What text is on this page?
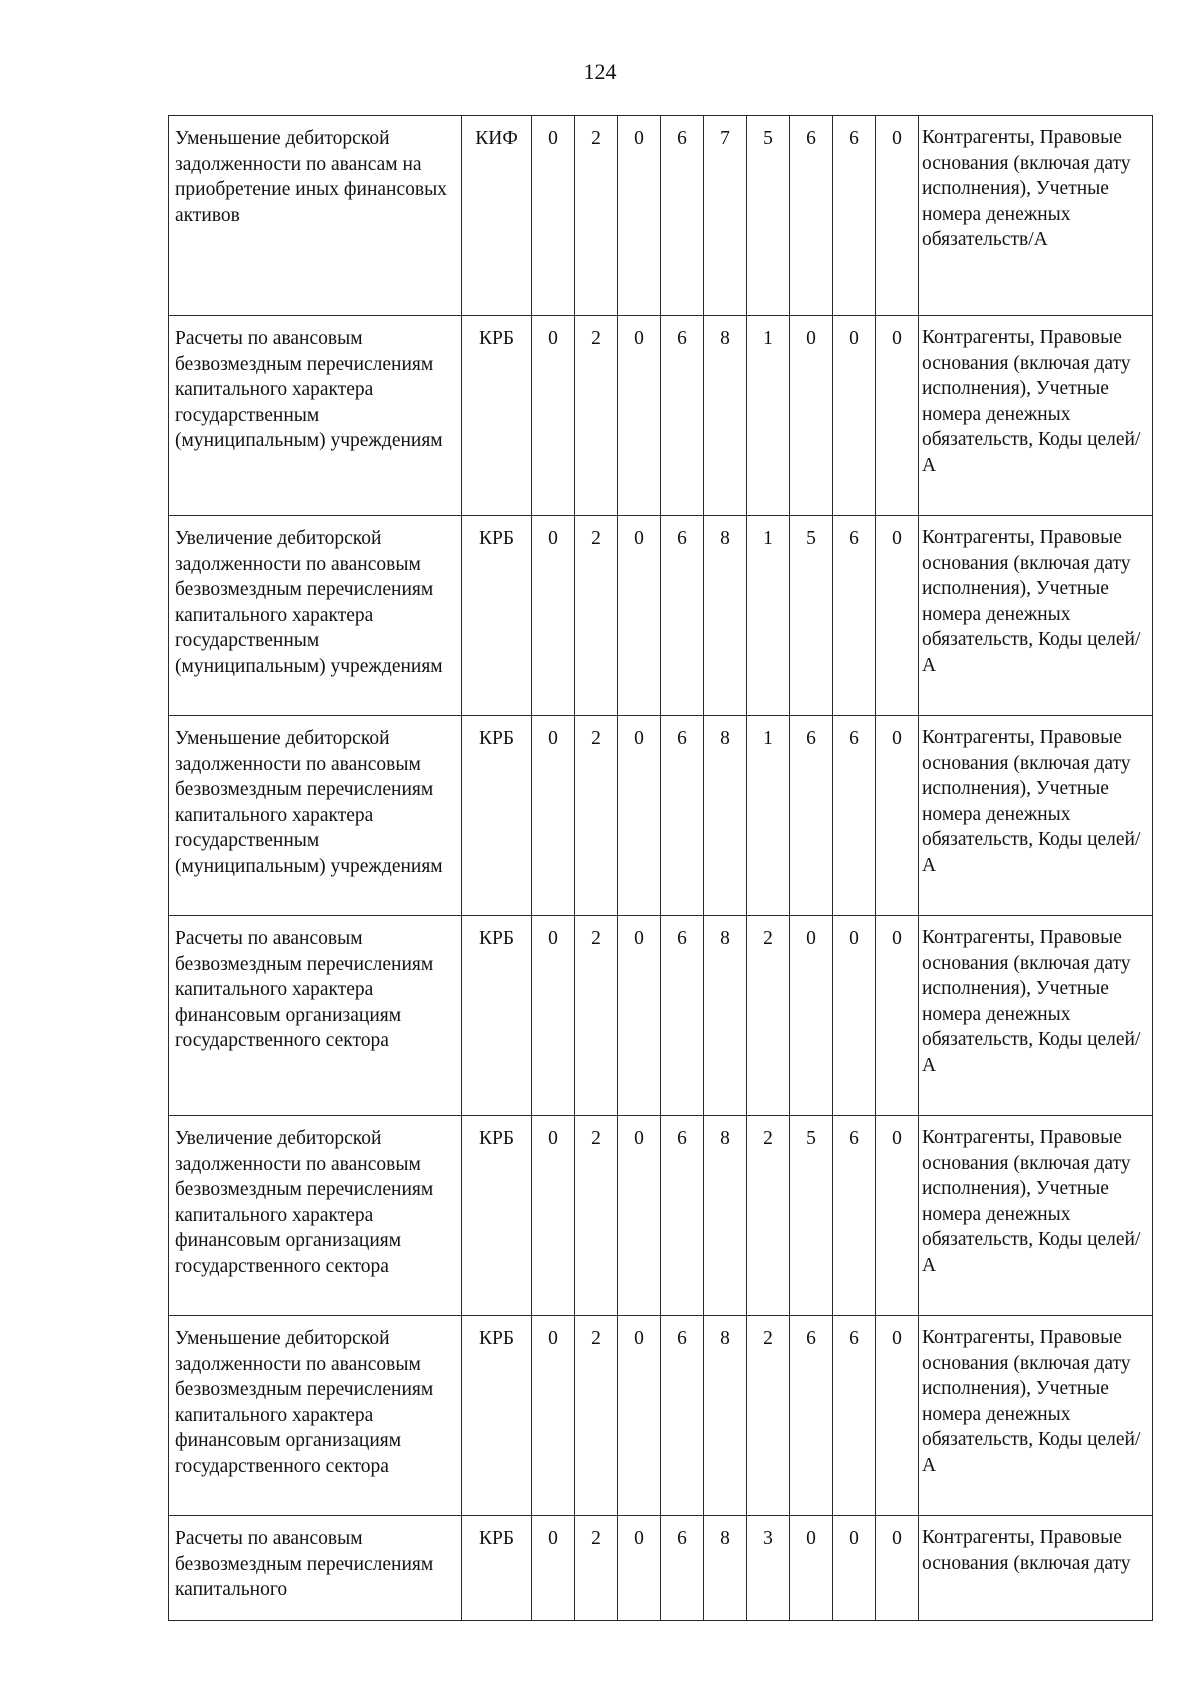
124
Уменьшение дебиторской задолженности по авансам на приобретение иных финансовых активов	КИФ	0	2	0	6	7	5	6	6	0	Контрагенты, Правовые основания (включая дату исполнения), Учетные номера денежных обязательств/А

Расчеты по авансовым безвозмездным перечислениям капитального характера государственным (муниципальным) учреждениям	КРБ	0	2	0	6	8	1	0	0	0	Контрагенты, Правовые основания (включая дату исполнения), Учетные номера денежных обязательств, Коды целей/А

Увеличение дебиторской задолженности по авансовым безвозмездным перечислениям капитального характера государственным (муниципальным) учреждениям	КРБ	0	2	0	6	8	1	5	6	0	Контрагенты, Правовые основания (включая дату исполнения), Учетные номера денежных обязательств, Коды целей/А

Уменьшение дебиторской задолженности по авансовым безвозмездным перечислениям капитального характера государственным (муниципальным) учреждениям	КРБ	0	2	0	6	8	1	6	6	0	Контрагенты, Правовые основания (включая дату исполнения), Учетные номера денежных обязательств, Коды целей/А

Расчеты по авансовым безвозмездным перечислениям капитального характера финансовым организациям государственного сектора	КРБ	0	2	0	6	8	2	0	0	0	Контрагенты, Правовые основания (включая дату исполнения), Учетные номера денежных обязательств, Коды целей/А

Увеличение дебиторской задолженности по авансовым безвозмездным перечислениям капитального характера финансовым организациям государственного сектора	КРБ	0	2	0	6	8	2	5	6	0	Контрагенты, Правовые основания (включая дату исполнения), Учетные номера денежных обязательств, Коды целей/А

Уменьшение дебиторской задолженности по авансовым безвозмездным перечислениям капитального характера финансовым организациям государственного сектора	КРБ	0	2	0	6	8	2	6	6	0	Контрагенты, Правовые основания (включая дату исполнения), Учетные номера денежных обязательств, Коды целей/А

Расчеты по авансовым безвозмездным перечислениям капитального	КРБ	0	2	0	6	8	3	0	0	0	Контрагенты, Правовые основания (включая дату
